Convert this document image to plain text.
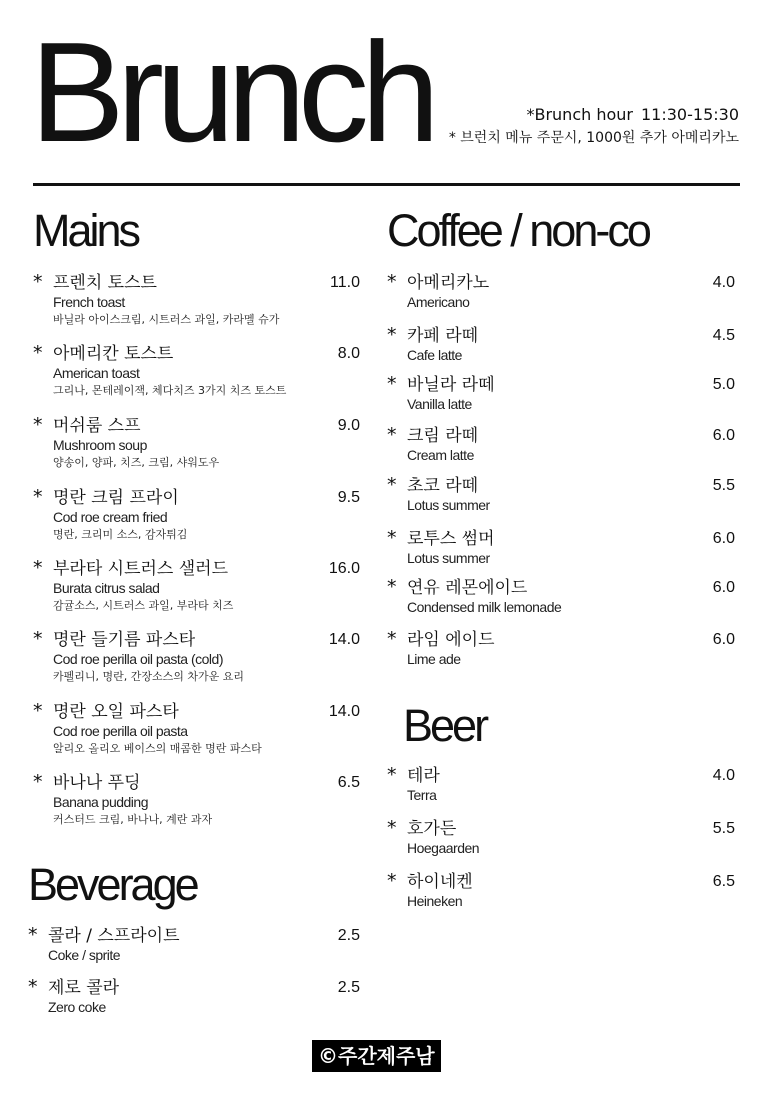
Brunch	*Brunch hour 11:30-15:30
* 브런치 메뉴 주문시, 1000원 추가 아메리카노
Mains
* 프렌치 토스트
French toast
바닐라 아이스크림, 시트러스 과일, 카라멜 슈가
11.0
* 아메리칸 토스트
American toast
그리나, 몬테레이잭, 체다치즈 3가지 치즈 토스트
8.0
* 머쉬룸 스프
Mushroom soup
양송이, 양파, 치즈, 크림, 샤워도우
9.0
* 명란 크림 프라이
Cod roe cream fried
명란, 크리미 소스, 감자튀김
9.5
* 부라타 시트러스 샐러드
Burata citrus salad
감귤소스, 시트러스 과일, 부라타 치즈
16.0
* 명란 들기름 파스타
Cod roe perilla oil pasta (cold)
카펠리니, 명란, 간장소스의 차가운 요리
14.0
* 명란 오일 파스타
Cod roe perilla oil pasta
알리오 올리오 베이스의 매콤한 명란 파스타
14.0
* 바나나 푸딩
Banana pudding
커스터드 크림, 바나나, 계란 과자
6.5
Beverage
* 콜라 / 스프라이트
Coke / sprite
2.5
* 제로 콜라
Zero coke
2.5
Coffee / non-co
* 아메리카노
Americano
4.0
* 카페 라떼
Cafe latte
4.5
* 바닐라 라떼
Vanilla latte
5.0
* 크림 라떼
Cream latte
6.0
* 초코 라떼
Lotus summer
5.5
* 로투스 썸머
Lotus summer
6.0
* 연유 레몬에이드
Condensed milk lemonade
6.0
* 라임 에이드
Lime ade
6.0
Beer
* 테라
Terra
4.0
* 호가든
Hoegaarden
5.5
* 하이네켄
Heineken
6.5
©주간제주남
